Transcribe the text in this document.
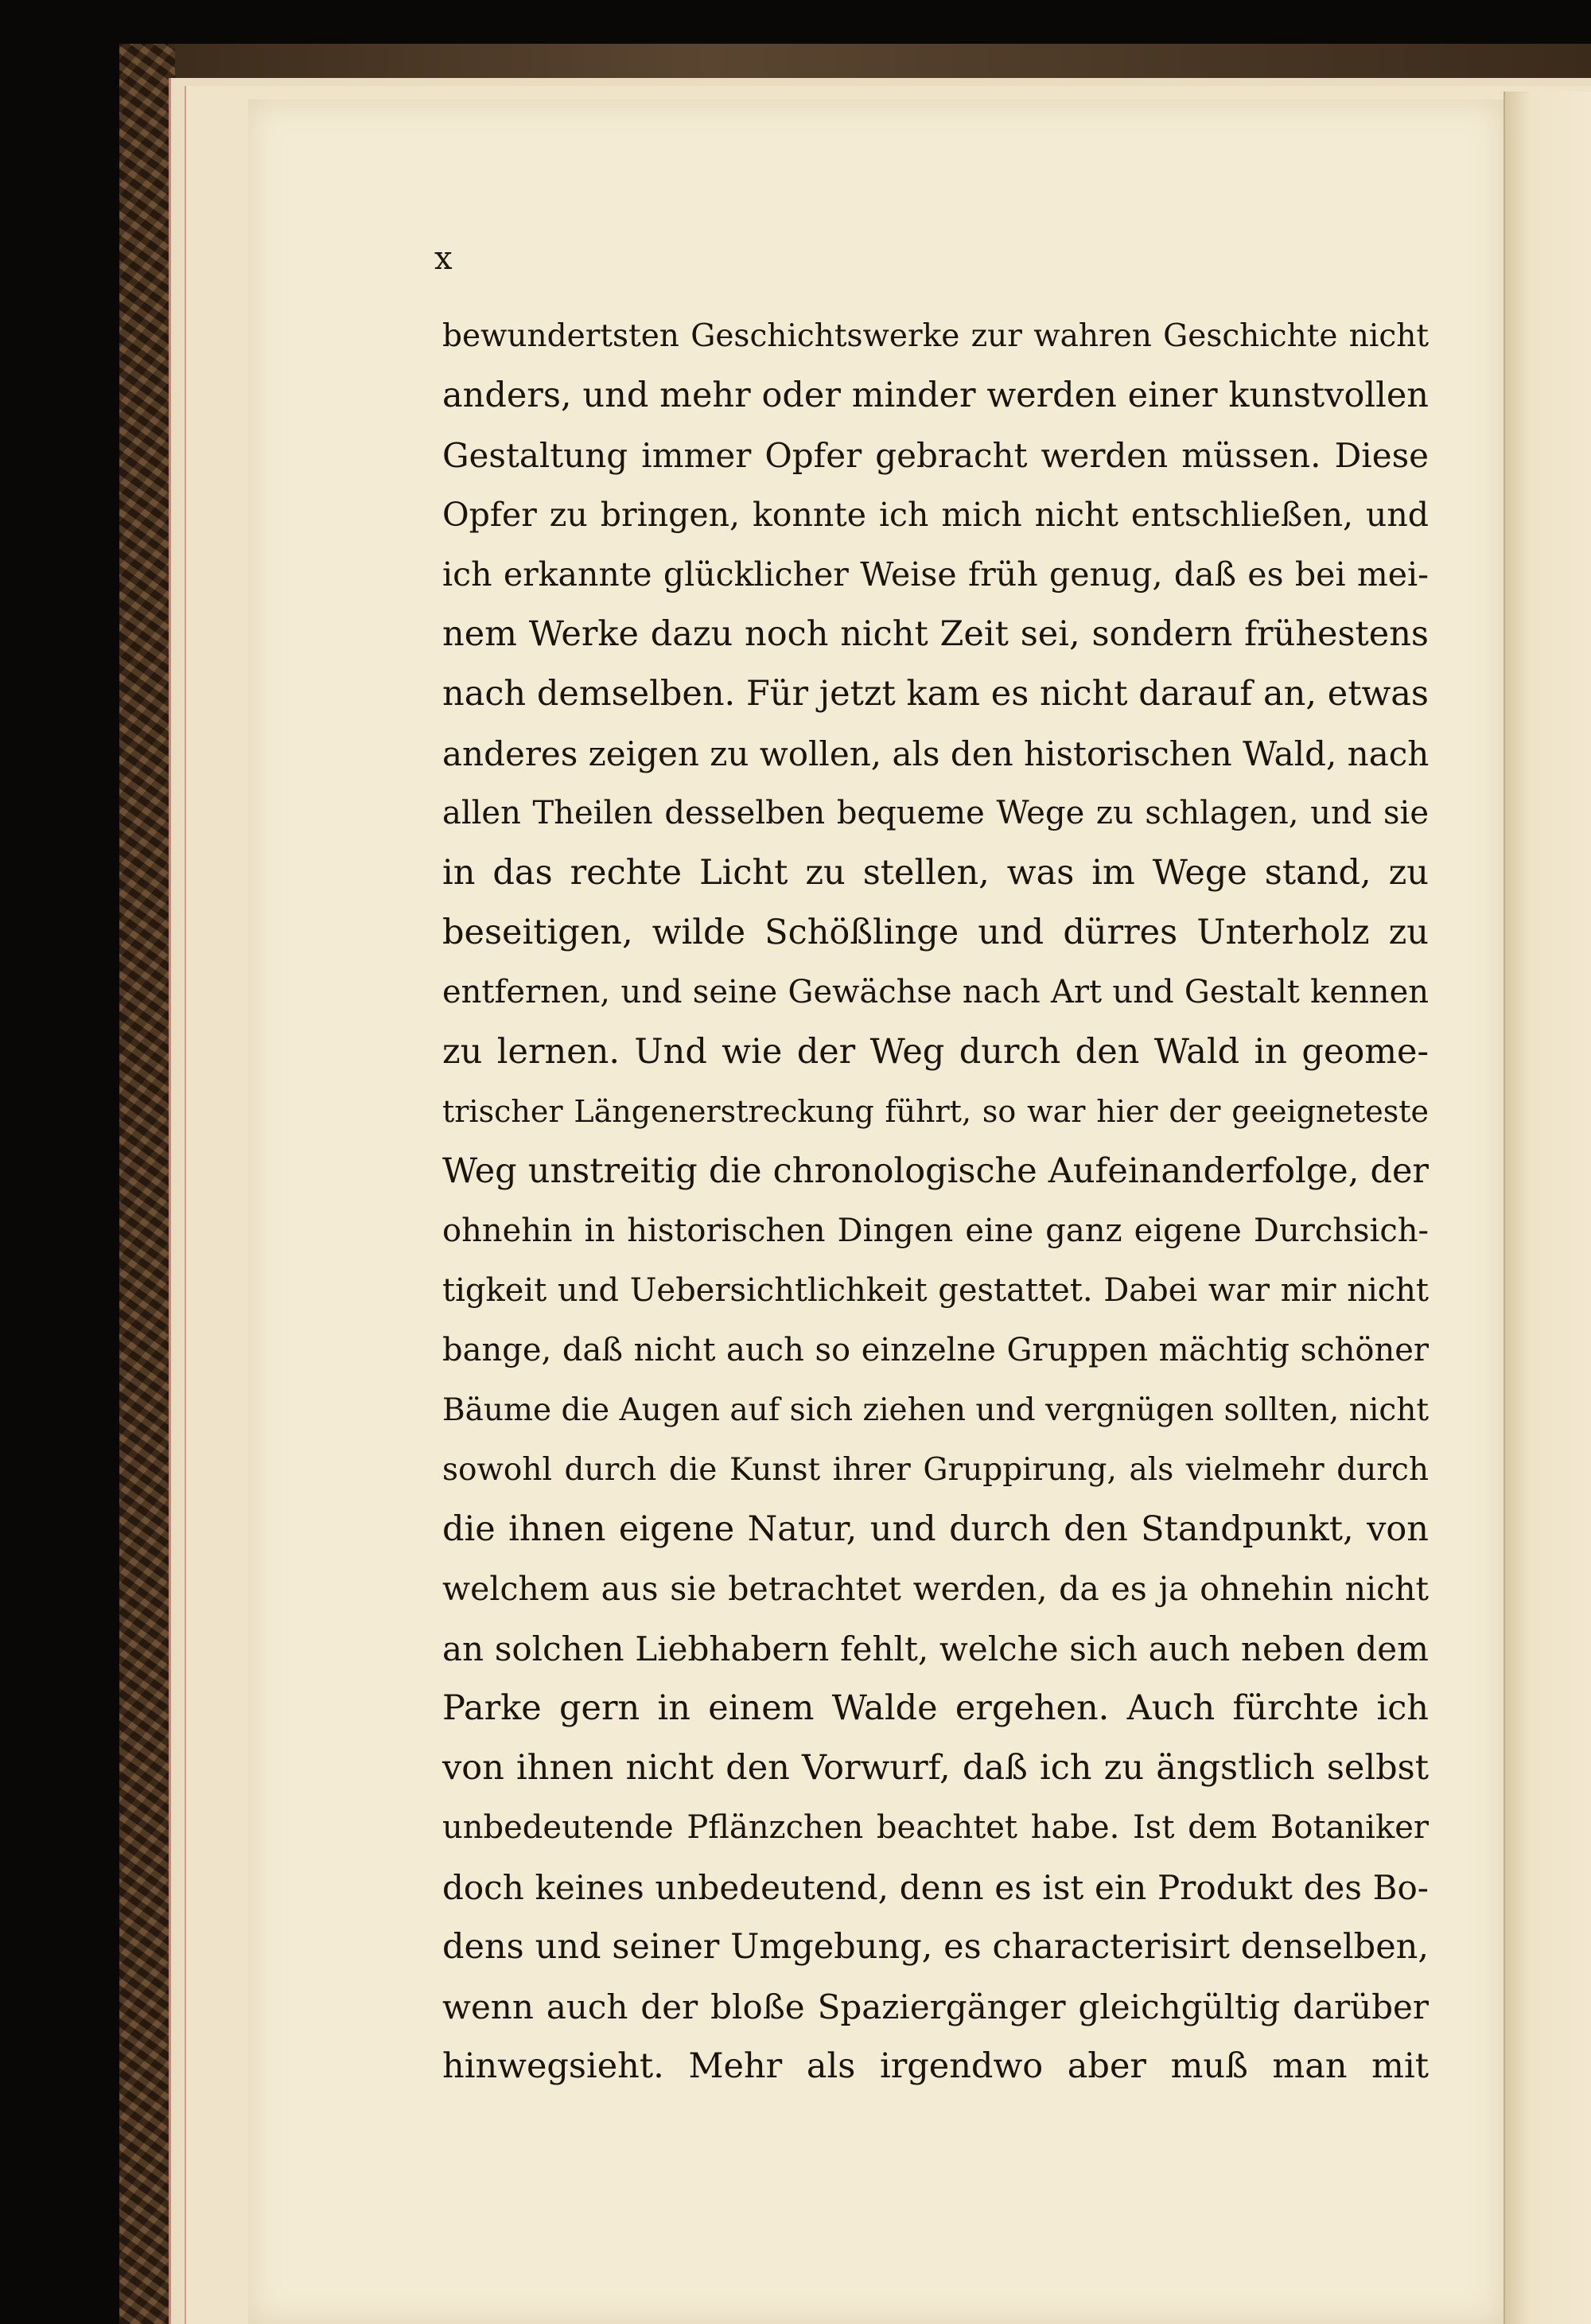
x
bewundertsten Geschichtswerke zur wahren Geschichte nicht
anders, und mehr oder minder werden einer kunstvollen
Gestaltung immer Opfer gebracht werden müssen. Diese
Opfer zu bringen, konnte ich mich nicht entschließen, und
ich erkannte glücklicher Weise früh genug, daß es bei mei-
nem Werke dazu noch nicht Zeit sei, sondern frühestens
nach demselben. Für jetzt kam es nicht darauf an, etwas
anderes zeigen zu wollen, als den historischen Wald, nach
allen Theilen desselben bequeme Wege zu schlagen, und sie
in das rechte Licht zu stellen, was im Wege stand, zu
beseitigen, wilde Schößlinge und dürres Unterholz zu
entfernen, und seine Gewächse nach Art und Gestalt kennen
zu lernen. Und wie der Weg durch den Wald in geome-
trischer Längenerstreckung führt, so war hier der geeigneteste
Weg unstreitig die chronologische Aufeinanderfolge, der
ohnehin in historischen Dingen eine ganz eigene Durchsich-
tigkeit und Uebersichtlichkeit gestattet. Dabei war mir nicht
bange, daß nicht auch so einzelne Gruppen mächtig schöner
Bäume die Augen auf sich ziehen und vergnügen sollten, nicht
sowohl durch die Kunst ihrer Gruppirung, als vielmehr durch
die ihnen eigene Natur, und durch den Standpunkt, von
welchem aus sie betrachtet werden, da es ja ohnehin nicht
an solchen Liebhabern fehlt, welche sich auch neben dem
Parke gern in einem Walde ergehen. Auch fürchte ich
von ihnen nicht den Vorwurf, daß ich zu ängstlich selbst
unbedeutende Pflänzchen beachtet habe. Ist dem Botaniker
doch keines unbedeutend, denn es ist ein Produkt des Bo-
dens und seiner Umgebung, es characterisirt denselben,
wenn auch der bloße Spaziergänger gleichgültig darüber
hinwegsieht. Mehr als irgendwo aber muß man mit
